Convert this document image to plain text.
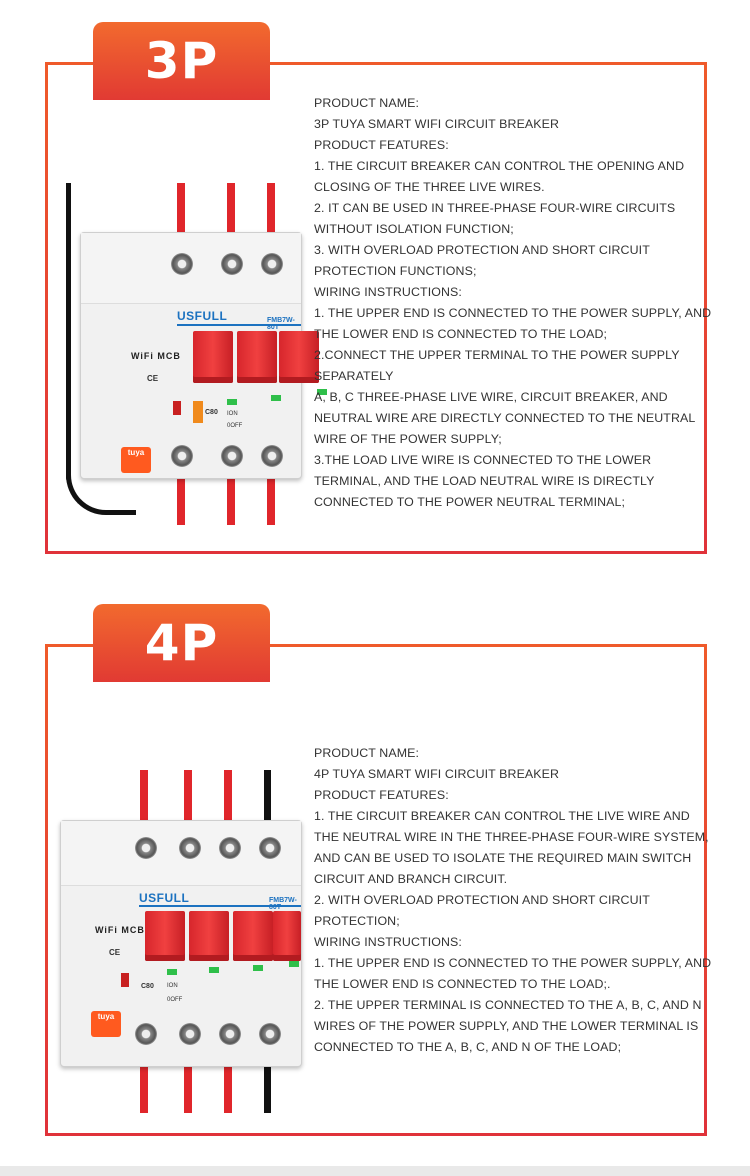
3P
USFULL	FMB7W-80T
WiFi MCB
CE
C80 ION
0OFF
tuya

PRODUCT NAME:

3P TUYA SMART WIFI CIRCUIT BREAKER

PRODUCT FEATURES:

1. THE CIRCUIT BREAKER CAN CONTROL THE OPENING AND

CLOSING OF THE THREE LIVE WIRES.

2. IT CAN BE USED IN THREE-PHASE FOUR-WIRE CIRCUITS

WITHOUT ISOLATION FUNCTION;

3. WITH OVERLOAD PROTECTION AND SHORT CIRCUIT

PROTECTION FUNCTIONS;

WIRING INSTRUCTIONS:

1. THE UPPER END IS CONNECTED TO THE POWER SUPPLY, AND

THE LOWER END IS CONNECTED TO THE LOAD;

2.CONNECT THE UPPER TERMINAL TO THE POWER SUPPLY

SEPARATELY

A, B, C THREE-PHASE LIVE WIRE, CIRCUIT BREAKER, AND

NEUTRAL WIRE ARE DIRECTLY CONNECTED TO THE NEUTRAL

WIRE OF THE POWER SUPPLY;

3.THE LOAD LIVE WIRE IS CONNECTED TO THE LOWER

TERMINAL, AND THE LOAD NEUTRAL WIRE IS DIRECTLY

CONNECTED TO THE POWER NEUTRAL TERMINAL;

4P
USFULL	FMB7W-80T
WiFi MCB
CE
C80 ION
0OFF
tuya

PRODUCT NAME:

4P TUYA SMART WIFI CIRCUIT BREAKER

PRODUCT FEATURES:

1. THE CIRCUIT BREAKER CAN CONTROL THE LIVE WIRE AND

THE NEUTRAL WIRE IN THE THREE-PHASE FOUR-WIRE SYSTEM,

AND CAN BE USED TO ISOLATE THE REQUIRED MAIN SWITCH

CIRCUIT AND BRANCH CIRCUIT.

2. WITH OVERLOAD PROTECTION AND SHORT CIRCUIT

PROTECTION;

WIRING INSTRUCTIONS:

1. THE UPPER END IS CONNECTED TO THE POWER SUPPLY, AND

THE LOWER END IS CONNECTED TO THE LOAD;.

2. THE UPPER TERMINAL IS CONNECTED TO THE A, B, C, AND N

WIRES OF THE POWER SUPPLY, AND THE LOWER TERMINAL IS

CONNECTED TO THE A, B, C, AND N OF THE LOAD;
